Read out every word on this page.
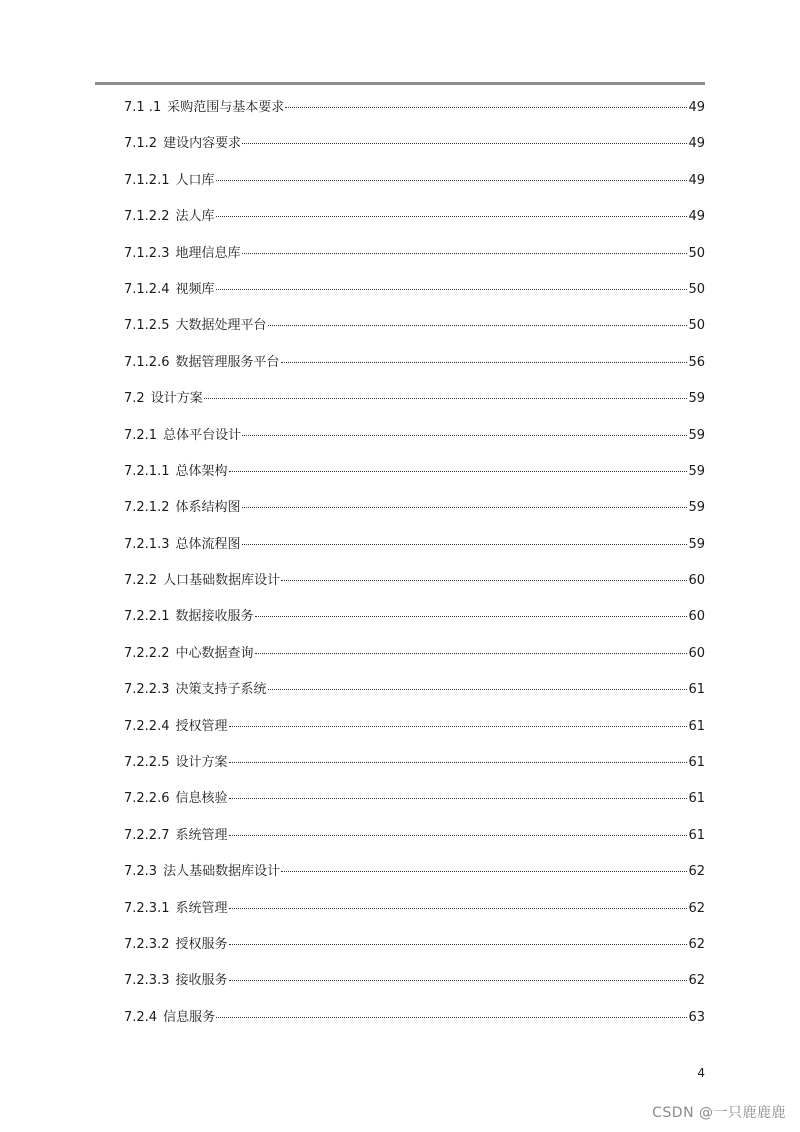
7.1 .1 采购范围与基本要求	49
7.1.2 建设内容要求	49
7.1.2.1 人口库	49
7.1.2.2 法人库	49
7.1.2.3 地理信息库	50
7.1.2.4 视频库	50
7.1.2.5 大数据处理平台	50
7.1.2.6 数据管理服务平台	56
7.2 设计方案	59
7.2.1 总体平台设计	59
7.2.1.1 总体架构	59
7.2.1.2 体系结构图	59
7.2.1.3 总体流程图	59
7.2.2 人口基础数据库设计	60
7.2.2.1 数据接收服务	60
7.2.2.2 中心数据查询	60
7.2.2.3 决策支持子系统	61
7.2.2.4 授权管理	61
7.2.2.5 设计方案	61
7.2.2.6 信息核验	61
7.2.2.7 系统管理	61
7.2.3 法人基础数据库设计	62
7.2.3.1 系统管理	62
7.2.3.2 授权服务	62
7.2.3.3 接收服务	62
7.2.4 信息服务	63
4
CSDN @一只鹿鹿鹿
